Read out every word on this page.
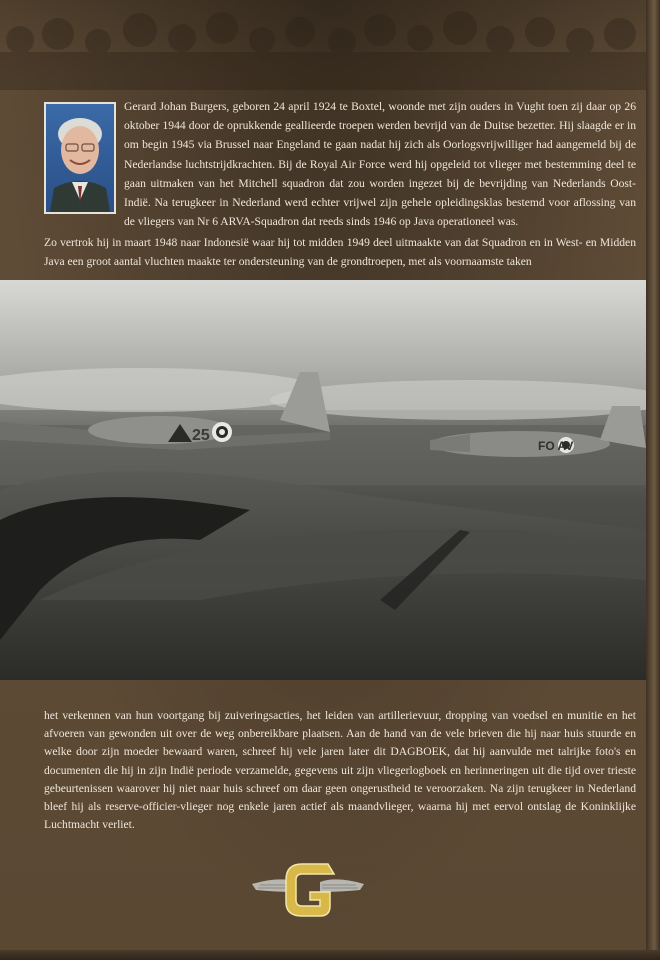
Gerard Johan Burgers, geboren 24 april 1924 te Boxtel, woonde met zijn ouders in Vught toen zij daar op 26 oktober 1944 door de oprukkende geallieerde troepen werden bevrijd van de Duitse bezetter. Hij slaagde er in om begin 1945 via Brussel naar Engeland te gaan nadat hij zich als Oorlogsvrijwilliger had aangemeld bij de Nederlandse luchtstrijdkrachten. Bij de Royal Air Force werd hij opgeleid tot vlieger met bestemming deel te gaan uitmaken van het Mitchell squadron dat zou worden ingezet bij de bevrijding van Nederlands Oost-Indië. Na terugkeer in Nederland werd echter vrijwel zijn gehele opleidingsklas bestemd voor aflossing van de vliegers van Nr 6 ARVA-Squadron dat reeds sinds 1946 op Java operationeel was.

Zo vertrok hij in maart 1948 naar Indonesië waar hij tot midden 1949 deel uitmaakte van dat Squadron en in West- en Midden Java een groot aantal vluchten maakte ter ondersteuning van de grondtroepen, met als voornaamste taken

25
FO AV

het verkennen van hun voortgang bij zuiveringsacties, het leiden van artillerievuur, dropping van voedsel en munitie en het afvoeren van gewonden uit over de weg onbereikbare plaatsen. Aan de hand van de vele brieven die hij naar huis stuurde en welke door zijn moeder bewaard waren, schreef hij vele jaren later dit DAGBOEK, dat hij aanvulde met talrijke foto's en documenten die hij in zijn Indië periode verzamelde, gegevens uit zijn vliegerlogboek en herinneringen uit die tijd over trieste gebeurtenissen waarover hij niet naar huis schreef om daar geen ongerustheid te veroorzaken. Na zijn terugkeer in Nederland bleef hij als reserve-officier-vlieger nog enkele jaren actief als maandvlieger, waarna hij met eervol ontslag de Koninklijke Luchtmacht verliet.
